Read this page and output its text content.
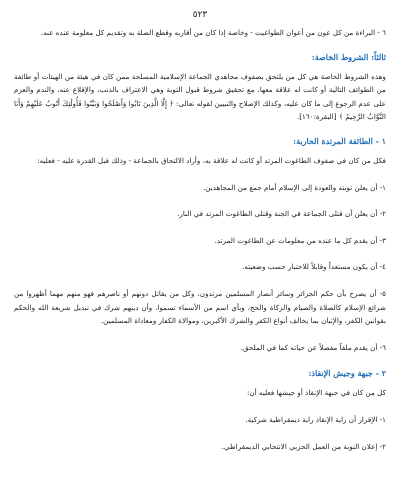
٥٢٣

٦ - البراءة من كل عون من أعوان الطواغيت - وخاصة إذا كان من أقاربه وقطع الصلة به وتقديم كل معلومة عنده عنه.

ثالثاً: الشروط الخاصة:

وهذه الشروط الخاصة هي كل من يلتحق بصفوف مجاهدي الجماعة الإسلامية المسلحة ممن كان في هيئة من الهيئات أو طائفة من الطوائف التالية أو كانت له علاقة معها، مع تحقيق شروط قبول التوبة وهي الاعتراف بالذنب، والإقلاع عنه، والندم والعزم على عدم الرجوع إلى ما كان عليه، وكذلك الإصلاح والتبيين لقوله تعالى: ﴿ إِلَّا الَّذِينَ تَابُوا وَأَصْلَحُوا وَبَيَّنُوا فَأُولَٰئِكَ أَتُوبُ عَلَيْهِمْ وَأَنَا التَّوَّابُ الرَّحِيمُ ﴾ [البقرة:١٦٠].

١ - الطائفة المرتدة الحاربة:

فكل من كان في صفوف الطاغوت المرتد أو كانت له علاقة به، وأراد الالتحاق بالجماعة - وذلك قبل القدرة عليه - فعليه:

١- أن يعلن توبته والعودة إلى الإسلام أمام جمع من المجاهدين.

٢- أن يعلن أن قتلى الجماعة في الجنة وقتلى الطاغوت المرتد في النار.

٣- أن يقدم كل ما عنده من معلومات عن الطاغوت المرتد.

٤- أن يكون مستعداً وقابلاً للاختبار حسب وضعيته.

٥- أن يصرح بأن حكم الجزائر وسائر أنصار المسلمين مرتدون، وكل من يقاتل دونهم أو ناصرهم فهو منهم مهما أظهروا من شرائع الإسلام كالصلاة والصيام والزكاة والحج، وبأي اسم من الأسماء تسموا، وأن دينهم شرك في تبديل شريعة الله والحكم بقوانين الكفر، والإتيان بما يخالف أنواع الكفر والشرك الأكبرين، وموالاة الكفار ومعاداة المسلمين.

٦- أن يقدم ملفاً مفصلاً عن حياته كما في الملحق.

٢ - جبهة وجيش الإنقاذ:

كل من كان في جبهة الإنقاذ أو جيشها فعليه أن:

١- الإقرار أن راية الإنقاذ راية ديمقراطية شركية.

٢- إعلان التوبة من العمل الحزبي الانتخابي الديمقراطي.
